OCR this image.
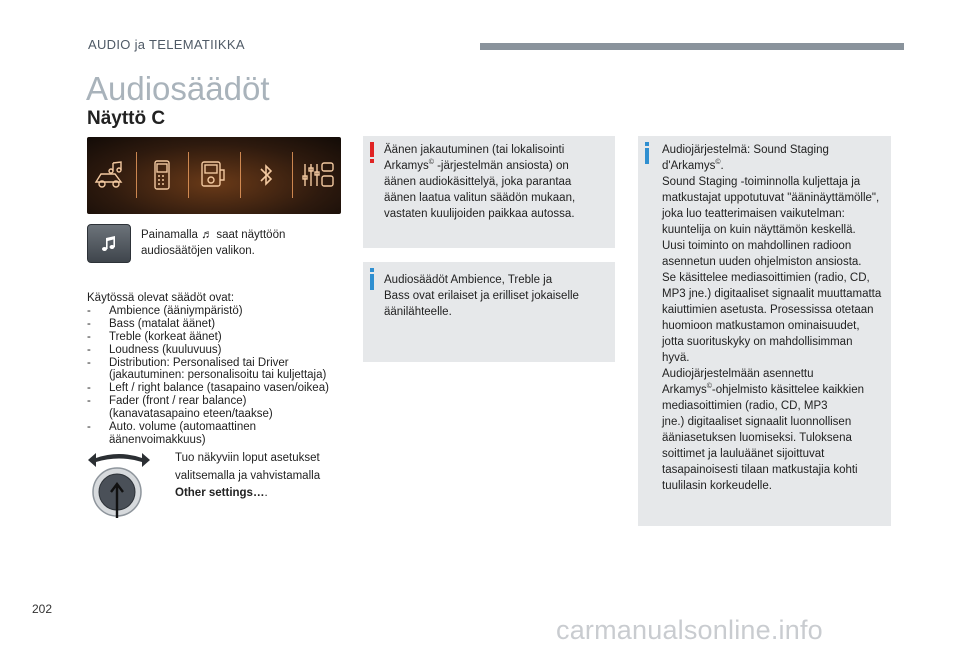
AUDIO ja TELEMATIIKKA
Audiosäädöt
Näyttö C
Painamalla ♬ saat näyttöön audiosäätöjen valikon.
Käytössä olevat säädöt ovat:
-	Ambience (ääniympäristö)
-	Bass (matalat äänet)
-	Treble (korkeat äänet)
-	Loudness (kuuluvuus)
-	Distribution: Personalised tai Driver
(jakautuminen: personalisoitu tai kuljettaja)
-	Left / right balance (tasapaino vasen/oikea)
-	Fader (front / rear balance)
(kanavatasapaino eteen/taakse)
-	Auto. volume (automaattinen
äänenvoimakkuus)
Tuo näkyviin loput asetukset
valitsemalla ja vahvistamalla
Other settings….
Äänen jakautuminen (tai lokalisointi
Arkamys© -järjestelmän ansiosta) on
äänen audiokäsittelyä, joka parantaa
äänen laatua valitun säädön mukaan,
vastaten kuulijoiden paikkaa autossa.
Audiosäädöt Ambience, Treble ja
Bass ovat erilaiset ja erilliset jokaiselle
äänilähteelle.
Audiojärjestelmä: Sound Staging
d'Arkamys©.
Sound Staging -toiminnolla kuljettaja ja
matkustajat uppotutuvat "ääninäyttämölle",
joka luo teatterimaisen vaikutelman:
kuuntelija on kuin näyttämön keskellä.
Uusi toiminto on mahdollinen radioon
asennetun uuden ohjelmiston ansiosta.
Se käsittelee mediasoittimien (radio, CD,
MP3 jne.) digitaaliset signaalit muuttamatta
kaiuttimien asetusta. Prosessissa otetaan
huomioon matkustamon ominaisuudet,
jotta suorituskyky on mahdollisimman
hyvä.
Audiojärjestelmään asennettu
Arkamys©-ohjelmisto käsittelee kaikkien
mediasoittimien (radio, CD, MP3
jne.) digitaaliset signaalit luonnollisen
ääniasetuksen luomiseksi. Tuloksena
soittimet ja lauluäänet sijoittuvat
tasapainoisesti tilaan matkustajia kohti
tuulilasin korkeudelle.
202
carmanualsonline.info
